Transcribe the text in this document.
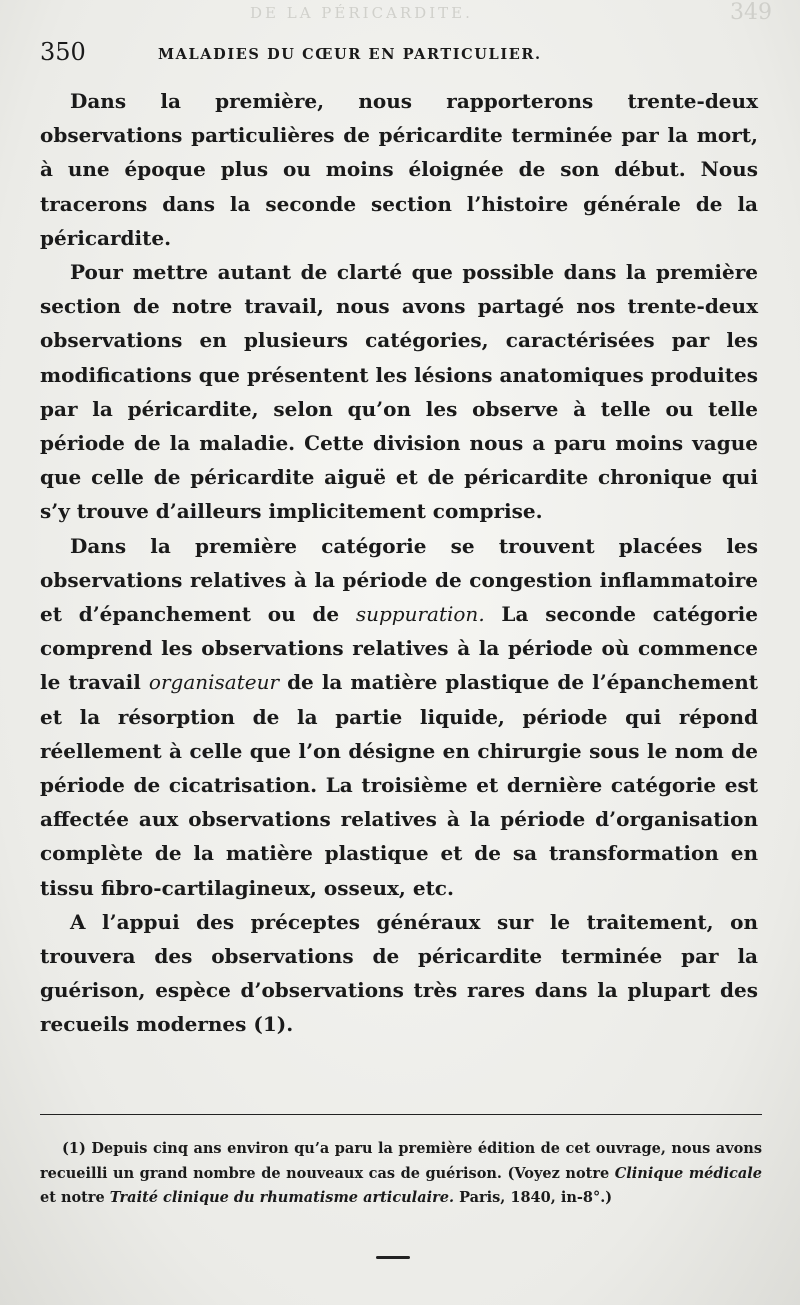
DE LA PÉRICARDITE.	349
350	MALADIES DU CŒUR EN PARTICULIER.

Dans la première, nous rapporterons trente-deux observations particulières de péricardite terminée par la mort, à une époque plus ou moins éloignée de son début. Nous tracerons dans la seconde section l’histoire générale de la péricardite.

Pour mettre autant de clarté que possible dans la première section de notre travail, nous avons partagé nos trente-deux observations en plusieurs catégories, caractérisées par les modifications que présentent les lésions anatomiques produites par la péricardite, selon qu’on les observe à telle ou telle période de la maladie. Cette division nous a paru moins vague que celle de péricardite aiguë et de péricardite chronique qui s’y trouve d’ailleurs implicitement comprise.

Dans la première catégorie se trouvent placées les observations relatives à la période de congestion inflammatoire et d’épanchement ou de suppuration. La seconde catégorie comprend les observations relatives à la période où commence le travail organisateur de la matière plastique de l’épanchement et la résorption de la partie liquide, période qui répond réellement à celle que l’on désigne en chirurgie sous le nom de période de cicatrisation. La troisième et dernière catégorie est affectée aux observations relatives à la période d’organisation complète de la matière plastique et de sa transformation en tissu fibro-cartilagineux, osseux, etc.

A l’appui des préceptes généraux sur le traitement, on trouvera des observations de péricardite terminée par la guérison, espèce d’observations très rares dans la plupart des recueils modernes (1).

(1) Depuis cinq ans environ qu’a paru la première édition de cet ouvrage, nous avons recueilli un grand nombre de nouveaux cas de guérison. (Voyez notre Clinique médicale et notre Traité clinique du rhumatisme articulaire. Paris, 1840, in-8°.)
